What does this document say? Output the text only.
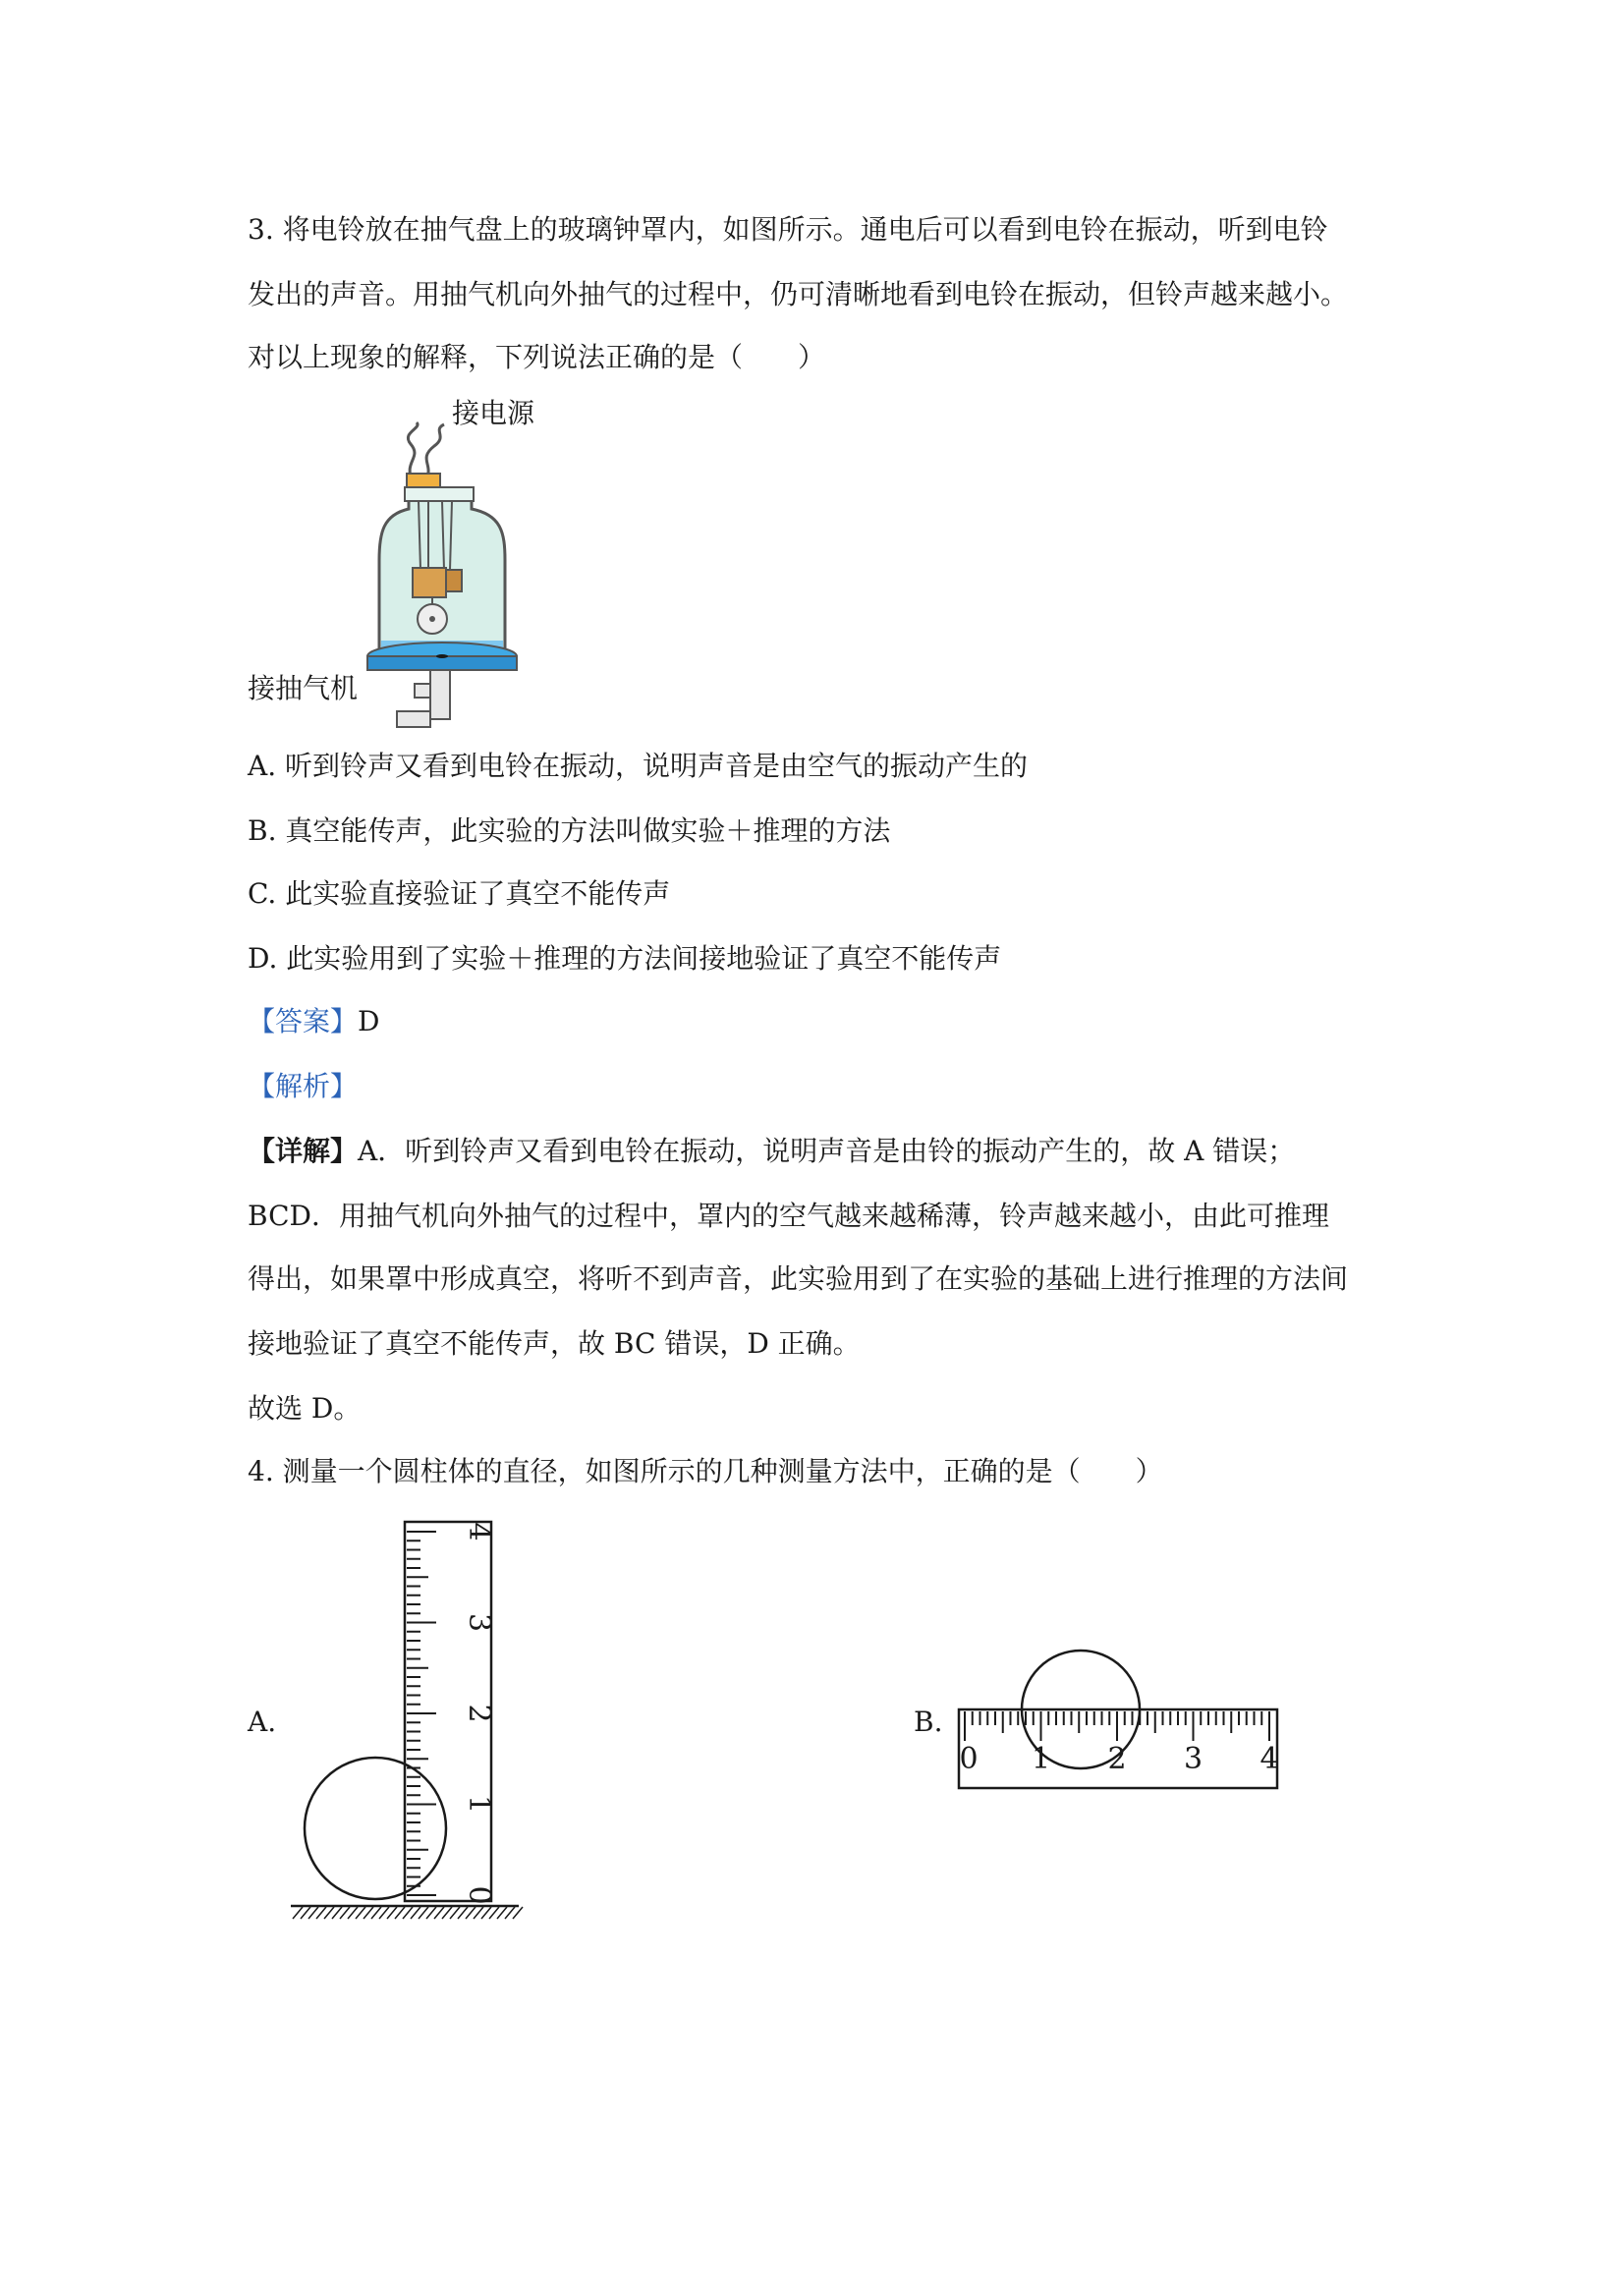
3. 将电铃放在抽气盘上的玻璃钟罩内，如图所示。通电后可以看到电铃在振动，听到电铃
发出的声音。用抽气机向外抽气的过程中，仍可清晰地看到电铃在振动，但铃声越来越小。
对以上现象的解释，下列说法正确的是（　　）
接电源
接抽气机
A. 听到铃声又看到电铃在振动，说明声音是由空气的振动产生的
B. 真空能传声，此实验的方法叫做实验＋推理的方法
C. 此实验直接验证了真空不能传声
D. 此实验用到了实验＋推理的方法间接地验证了真空不能传声
【答案】D
【解析】
【详解】A．听到铃声又看到电铃在振动，说明声音是由铃的振动产生的，故 A 错误；
BCD．用抽气机向外抽气的过程中，罩内的空气越来越稀薄，铃声越来越小，由此可推理
得出，如果罩中形成真空，将听不到声音，此实验用到了在实验的基础上进行推理的方法间
接地验证了真空不能传声，故 BC 错误，D 正确。
故选 D。
4. 测量一个圆柱体的直径，如图所示的几种测量方法中，正确的是（　　）
A.	B.
0
1
2
3
4
0 1 2 3 4
